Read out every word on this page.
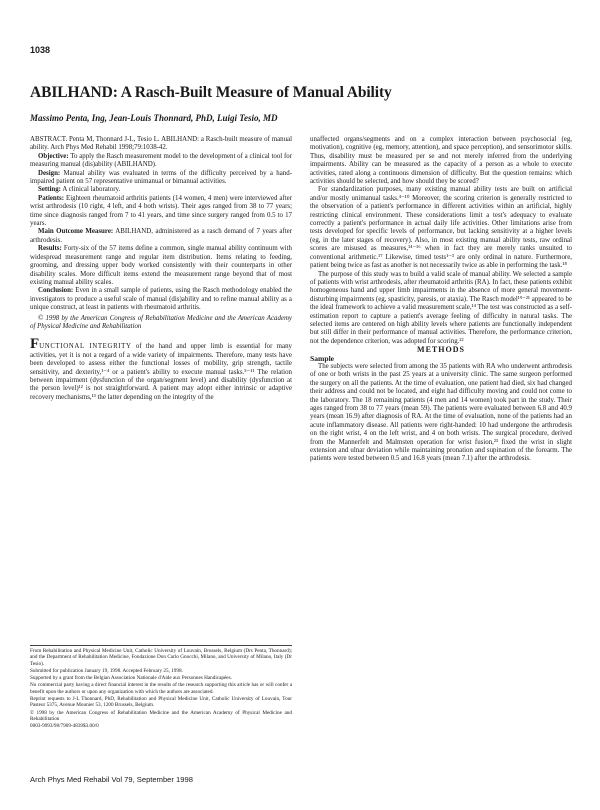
1038
ABILHAND: A Rasch-Built Measure of Manual Ability
Massimo Penta, Ing, Jean-Louis Thonnard, PhD, Luigi Tesio, MD

ABSTRACT. Penta M, Thonnard J-L, Tesio L. ABILHAND: a Rasch-built measure of manual ability. Arch Phys Med Rehabil 1998;79:1038-42.

Objective: To apply the Rasch measurement model to the development of a clinical tool for measuring manual (dis)ability (ABILHAND).

Design: Manual ability was evaluated in terms of the difficulty perceived by a hand-impaired patient on 57 representative unimanual or bimanual activities.

Setting: A clinical laboratory.

Patients: Eighteen rheumatoid arthritis patients (14 women, 4 men) were interviewed after wrist arthrodesis (10 right, 4 left, and 4 both wrists). Their ages ranged from 38 to 77 years; time since diagnosis ranged from 7 to 41 years, and time since surgery ranged from 0.5 to 17 years.

Main Outcome Measure: ABILHAND, administered as a rasch demand of 7 years after arthrodesis.

Results: Forty-six of the 57 items define a common, single manual ability continuum with widespread measurement range and regular item distribution. Items relating to feeding, grooming, and dressing upper body worked consistently with their counterparts in other disability scales. More difficult items extend the measurement range beyond that of most existing manual ability scales.

Conclusion: Even in a small sample of patients, using the Rasch methodology enabled the investigators to produce a useful scale of manual (dis)ability and to refine manual ability as a unique construct, at least in patients with rheumatoid arthritis.

© 1998 by the American Congress of Rehabilitation Medicine and the American Academy of Physical Medicine and Rehabilitation

FUNCTIONAL INTEGRITY of the hand and upper limb is essential for many activities, yet it is not a regard of a wide variety of impairments. Therefore, many tests have been developed to assess either the functional losses of mobility, grip strength, tactile sensitivity, and dexterity,¹⁻⁴ or a patient's ability to execute manual tasks.⁵⁻¹¹ The relation between impairment (dysfunction of the organ/segment level) and disability (dysfunction at the person level)¹² is not straightforward. A patient may adopt either intrinsic or adaptive recovery mechanisms,¹³ the latter depending on the integrity of the

From Rehabilitation and Physical Medicine Unit, Catholic University of Louvain, Brussels, Belgium (Drs Penta, Thonnard); and the Department of Rehabilitation Medicine, Fondazione Don Carlo Gnocchi, Milano, and University of Milano, Italy (Dr Tesio).

Submitted for publication January 19, 1998. Accepted February 25, 1998.

Supported by a grant from the Belgian Association Nationale d'Aide aux Personnes Handicapées.

No commercial party having a direct financial interest in the results of the research supporting this article has or will confer a benefit upon the authors or upon any organization with which the authors are associated.

Reprint requests to J-L Thonnard, PhD, Rehabilitation and Physical Medicine Unit, Catholic University of Louvain, Tour Pasteur 5375, Avenue Mounier 53, 1200 Brussels, Belgium.

© 1998 by the American Congress of Rehabilitation Medicine and the American Academy of Physical Medicine and Rehabilitation

0003-9993/98/7909-4839$3.00/0

unaffected organs/segments and on a complex interaction between psychosocial (eg, motivation), cognitive (eg, memory, attention), and space perception), and sensorimotor skills. Thus, disability must be measured per se and not merely inferred from the underlying impairments. Ability can be measured as the capacity of a person as a whole to execute activities, rated along a continuous dimension of difficulty. But the question remains: which activities should be selected, and how should they be scored?

For standardization purposes, many existing manual ability tests are built on artificial and/or mostly unimanual tasks.⁴⁻¹⁰ Moreover, the scoring criterion is generally restricted to the observation of a patient's performance in different activities within an artificial, highly restricting clinical environment. These considerations limit a test's adequacy to evaluate correctly a patient's performance in actual daily life activities. Other limitations arise from tests developed for specific levels of performance, but lacking sensitivity at a higher levels (eg, in the later stages of recovery). Also, in most existing manual ability tests, raw ordinal scores are misused as measures,¹⁴⁻¹⁶ when in fact they are merely ranks unsuited to conventional arithmetic.¹⁷ Likewise, timed tests¹⁻³ are only ordinal in nature. Furthermore, patient being twice as fast as another is not necessarily twice as able in performing the task.¹⁸

The purpose of this study was to build a valid scale of manual ability. We selected a sample of patients with wrist arthrodesis, after rheumatoid arthritis (RA). In fact, these patients exhibit homogeneous hand and upper limb impairments in the absence of more general movement-disturbing impairments (eg, spasticity, paresis, or ataxia). The Rasch model¹⁹⁻²¹ appeared to be the ideal framework to achieve a valid measurement scale,¹⁴ The test was constructed as a self-estimation report to capture a patient's average feeling of difficulty in natural tasks. The selected items are centered on high ability levels where patients are functionally independent but still differ in their performance of manual activities. Therefore, the performance criterion, not the dependence criterion, was adopted for scoring.²²

METHODS

Sample

The subjects were selected from among the 35 patients with RA who underwent arthrodesis of one or both wrists in the past 25 years at a university clinic. The same surgeon performed the surgery on all the patients. At the time of evaluation, one patient had died, six had changed their address and could not be located, and eight had difficulty moving and could not come to the laboratory. The 18 remaining patients (4 men and 14 women) took part in the study. Their ages ranged from 38 to 77 years (mean 59). The patients were evaluated between 6.8 and 40.9 years (mean 16.9) after diagnosis of RA. At the time of evaluation, none of the patients had an acute inflammatory disease. All patients were right-handed: 10 had undergone the arthrodesis on the right wrist, 4 on the left wrist, and 4 on both wrists. The surgical procedure, derived from the Mannerfelt and Malmsten operation for wrist fusion,²³ fixed the wrist in slight extension and ulnar deviation while maintaining pronation and supination of the forearm. The patients were tested between 0.5 and 16.8 years (mean 7.1) after the arthrodesis.

Arch Phys Med Rehabil Vol 79, September 1998
